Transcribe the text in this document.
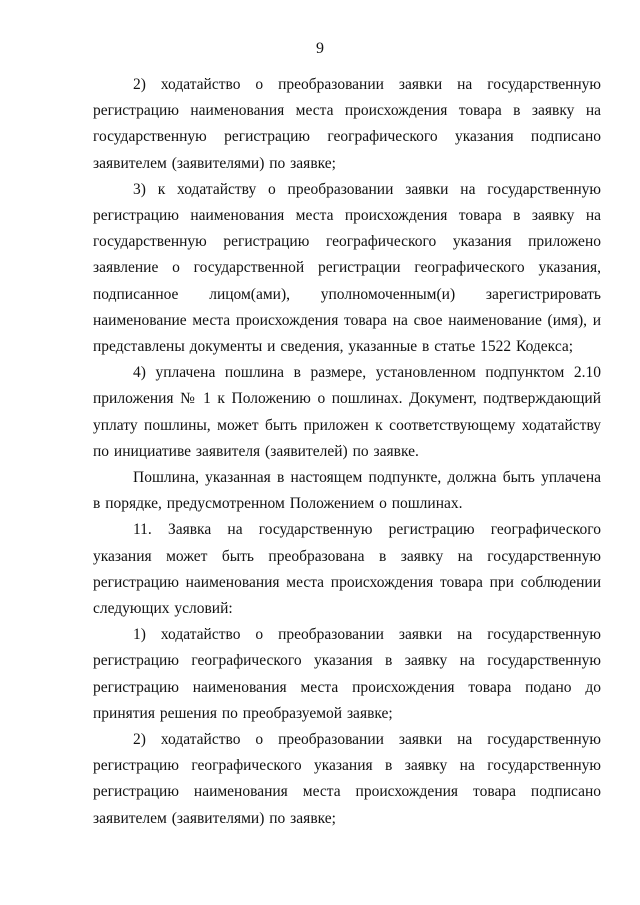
9

2) ходатайство о преобразовании заявки на государственную регистрацию наименования места происхождения товара в заявку на государственную регистрацию географического указания подписано заявителем (заявителями) по заявке;

3) к ходатайству о преобразовании заявки на государственную регистрацию наименования места происхождения товара в заявку на государственную регистрацию географического указания приложено заявление о государственной регистрации географического указания, подписанное лицом(ами), уполномоченным(и) зарегистрировать наименование места происхождения товара на свое наименование (имя), и представлены документы и сведения, указанные в статье 1522 Кодекса;

4) уплачена пошлина в размере, установленном подпунктом 2.10 приложения № 1 к Положению о пошлинах. Документ, подтверждающий уплату пошлины, может быть приложен к соответствующему ходатайству по инициативе заявителя (заявителей) по заявке.

Пошлина, указанная в настоящем подпункте, должна быть уплачена в порядке, предусмотренном Положением о пошлинах.

11. Заявка на государственную регистрацию географического указания может быть преобразована в заявку на государственную регистрацию наименования места происхождения товара при соблюдении следующих условий:

1) ходатайство о преобразовании заявки на государственную регистрацию географического указания в заявку на государственную регистрацию наименования места происхождения товара подано до принятия решения по преобразуемой заявке;

2) ходатайство о преобразовании заявки на государственную регистрацию географического указания в заявку на государственную регистрацию наименования места происхождения товара подписано заявителем (заявителями) по заявке;
